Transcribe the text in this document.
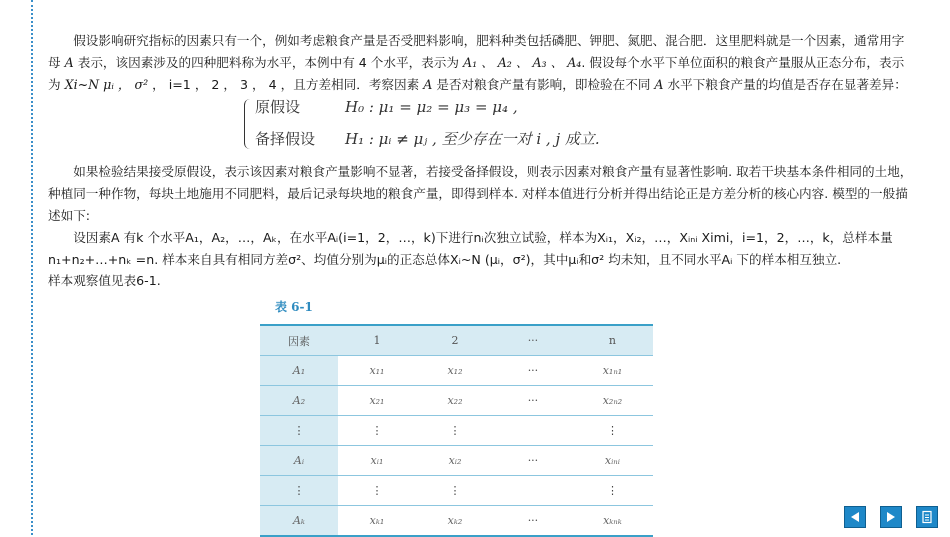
假设影响研究指标的因素只有一个，例如考虑粮食产量是否受肥料影响，肥料种类包括磷肥、钾肥、氮肥、混合肥．这里肥料就是一个因素，通常用字母 A 表示，该因素涉及的四种肥料称为水平，本例中有 4 个水平，表示为 A₁ 、 A₂ 、 A₃ 、 A₄. 假设每个水平下单位面积的粮食产量服从正态分布，表示为 Xi~N μᵢ ， σ² ， i=1 ， 2 ， 3 ， 4 ，且方差相同．考察因素 A 是否对粮食产量有影响，即检验在不同 A 水平下粮食产量的均值是否存在显著差异：

原假设	H₀ : μ₁ = μ₂ = μ₃ = μ₄ ,
备择假设 H₁ : μᵢ ≠ μⱼ , 至少存在一对 i , j 成立.

如果检验结果接受原假设，表示该因素对粮食产量影响不显著，若接受备择假设，则表示因素对粮食产量有显著性影响. 取若干块基本条件相同的土地，种植同一种作物，每块土地施用不同肥料，最后记录每块地的粮食产量，即得到样本. 对样本值进行分析并得出结论正是方差分析的核心内容. 模型的一般描述如下:

设因素A 有k 个水平A₁，A₂，…，Aₖ，在水平Aᵢ(i=1，2，…，k)下进行nᵢ次独立试验，样本为Xᵢ₁，Xᵢ₂，…，Xᵢₙᵢ Ximi，i=1，2，…，k，总样本量n₁+n₂+…+nₖ =n. 样本来自具有相同方差σ²、均值分别为μᵢ的正态总体Xᵢ~N (μᵢ，σ²)，其中μᵢ和σ² 均未知，且不同水平Aᵢ 下的样本相互独立.

样本观察值见表6-1.

表 6-1
因素	1	2	···	n
A₁	x₁₁	x₁₂	···	x₁ₙ₁
A₂	x₂₁	x₂₂	···	x₂ₙ₂
⋮	⋮	⋮		⋮
Aᵢ	xᵢ₁	xᵢ₂	···	xᵢₙᵢ
⋮	⋮	⋮		⋮
Aₖ	xₖ₁	xₖ₂	···	xₖₙₖ
